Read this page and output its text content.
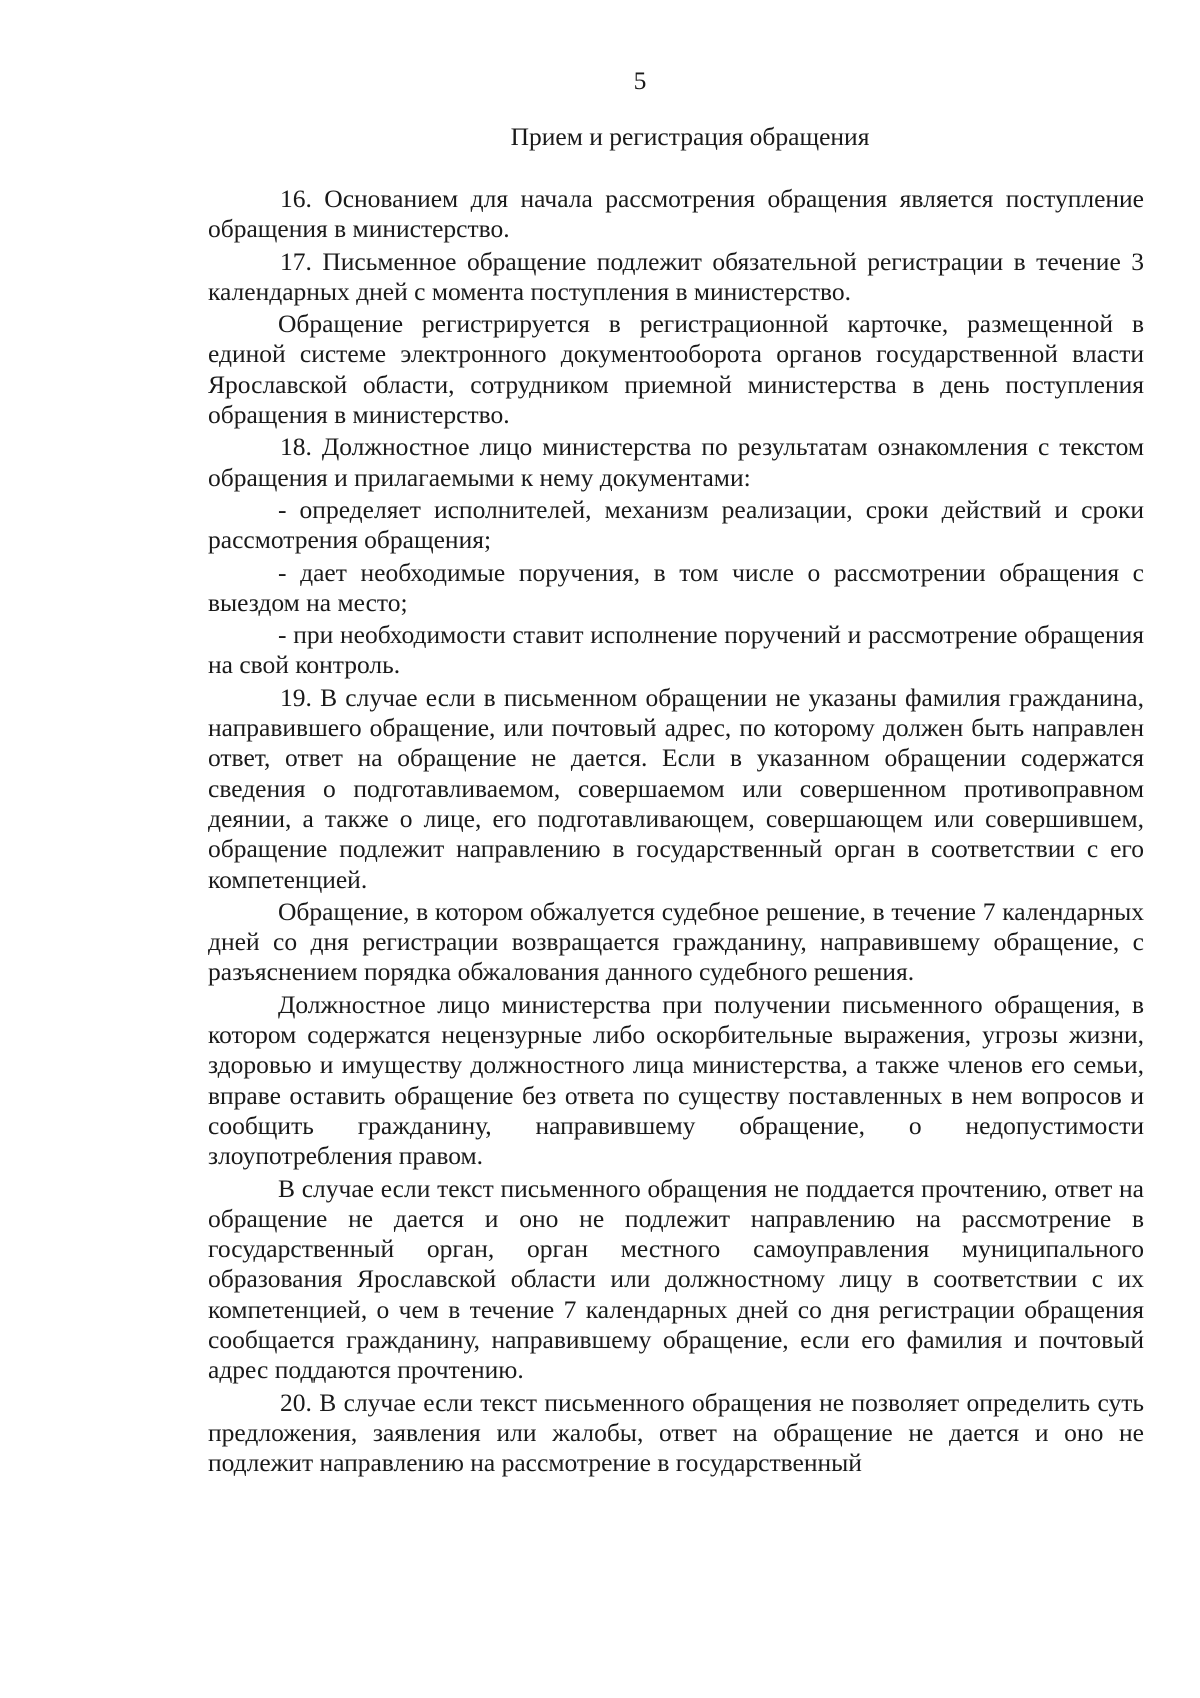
5
Прием и регистрация обращения

16. Основанием для начала рассмотрения обращения является поступление обращения в министерство.

17. Письменное обращение подлежит обязательной регистрации в течение 3 календарных дней с момента поступления в министерство.

Обращение регистрируется в регистрационной карточке, размещенной в единой системе электронного документооборота органов государственной власти Ярославской области, сотрудником приемной министерства в день поступления обращения в министерство.

18. Должностное лицо министерства по результатам ознакомления с текстом обращения и прилагаемыми к нему документами:

- определяет исполнителей, механизм реализации, сроки действий и сроки рассмотрения обращения;

- дает необходимые поручения, в том числе о рассмотрении обращения с выездом на место;

- при необходимости ставит исполнение поручений и рассмотрение обращения на свой контроль.

19. В случае если в письменном обращении не указаны фамилия гражданина, направившего обращение, или почтовый адрес, по которому должен быть направлен ответ, ответ на обращение не дается. Если в указанном обращении содержатся сведения о подготавливаемом, совершаемом или совершенном противоправном деянии, а также о лице, его подготавливающем, совершающем или совершившем, обращение подлежит направлению в государственный орган в соответствии с его компетенцией.

Обращение, в котором обжалуется судебное решение, в течение 7 календарных дней со дня регистрации возвращается гражданину, направившему обращение, с разъяснением порядка обжалования данного судебного решения.

Должностное лицо министерства при получении письменного обращения, в котором содержатся нецензурные либо оскорбительные выражения, угрозы жизни, здоровью и имуществу должностного лица министерства, а также членов его семьи, вправе оставить обращение без ответа по существу поставленных в нем вопросов и сообщить гражданину, направившему обращение, о недопустимости злоупотребления правом.

В случае если текст письменного обращения не поддается прочтению, ответ на обращение не дается и оно не подлежит направлению на рассмотрение в государственный орган, орган местного самоуправления муниципального образования Ярославской области или должностному лицу в соответствии с их компетенцией, о чем в течение 7 календарных дней со дня регистрации обращения сообщается гражданину, направившему обращение, если его фамилия и почтовый адрес поддаются прочтению.

20. В случае если текст письменного обращения не позволяет определить суть предложения, заявления или жалобы, ответ на обращение не дается и оно не подлежит направлению на рассмотрение в государственный
